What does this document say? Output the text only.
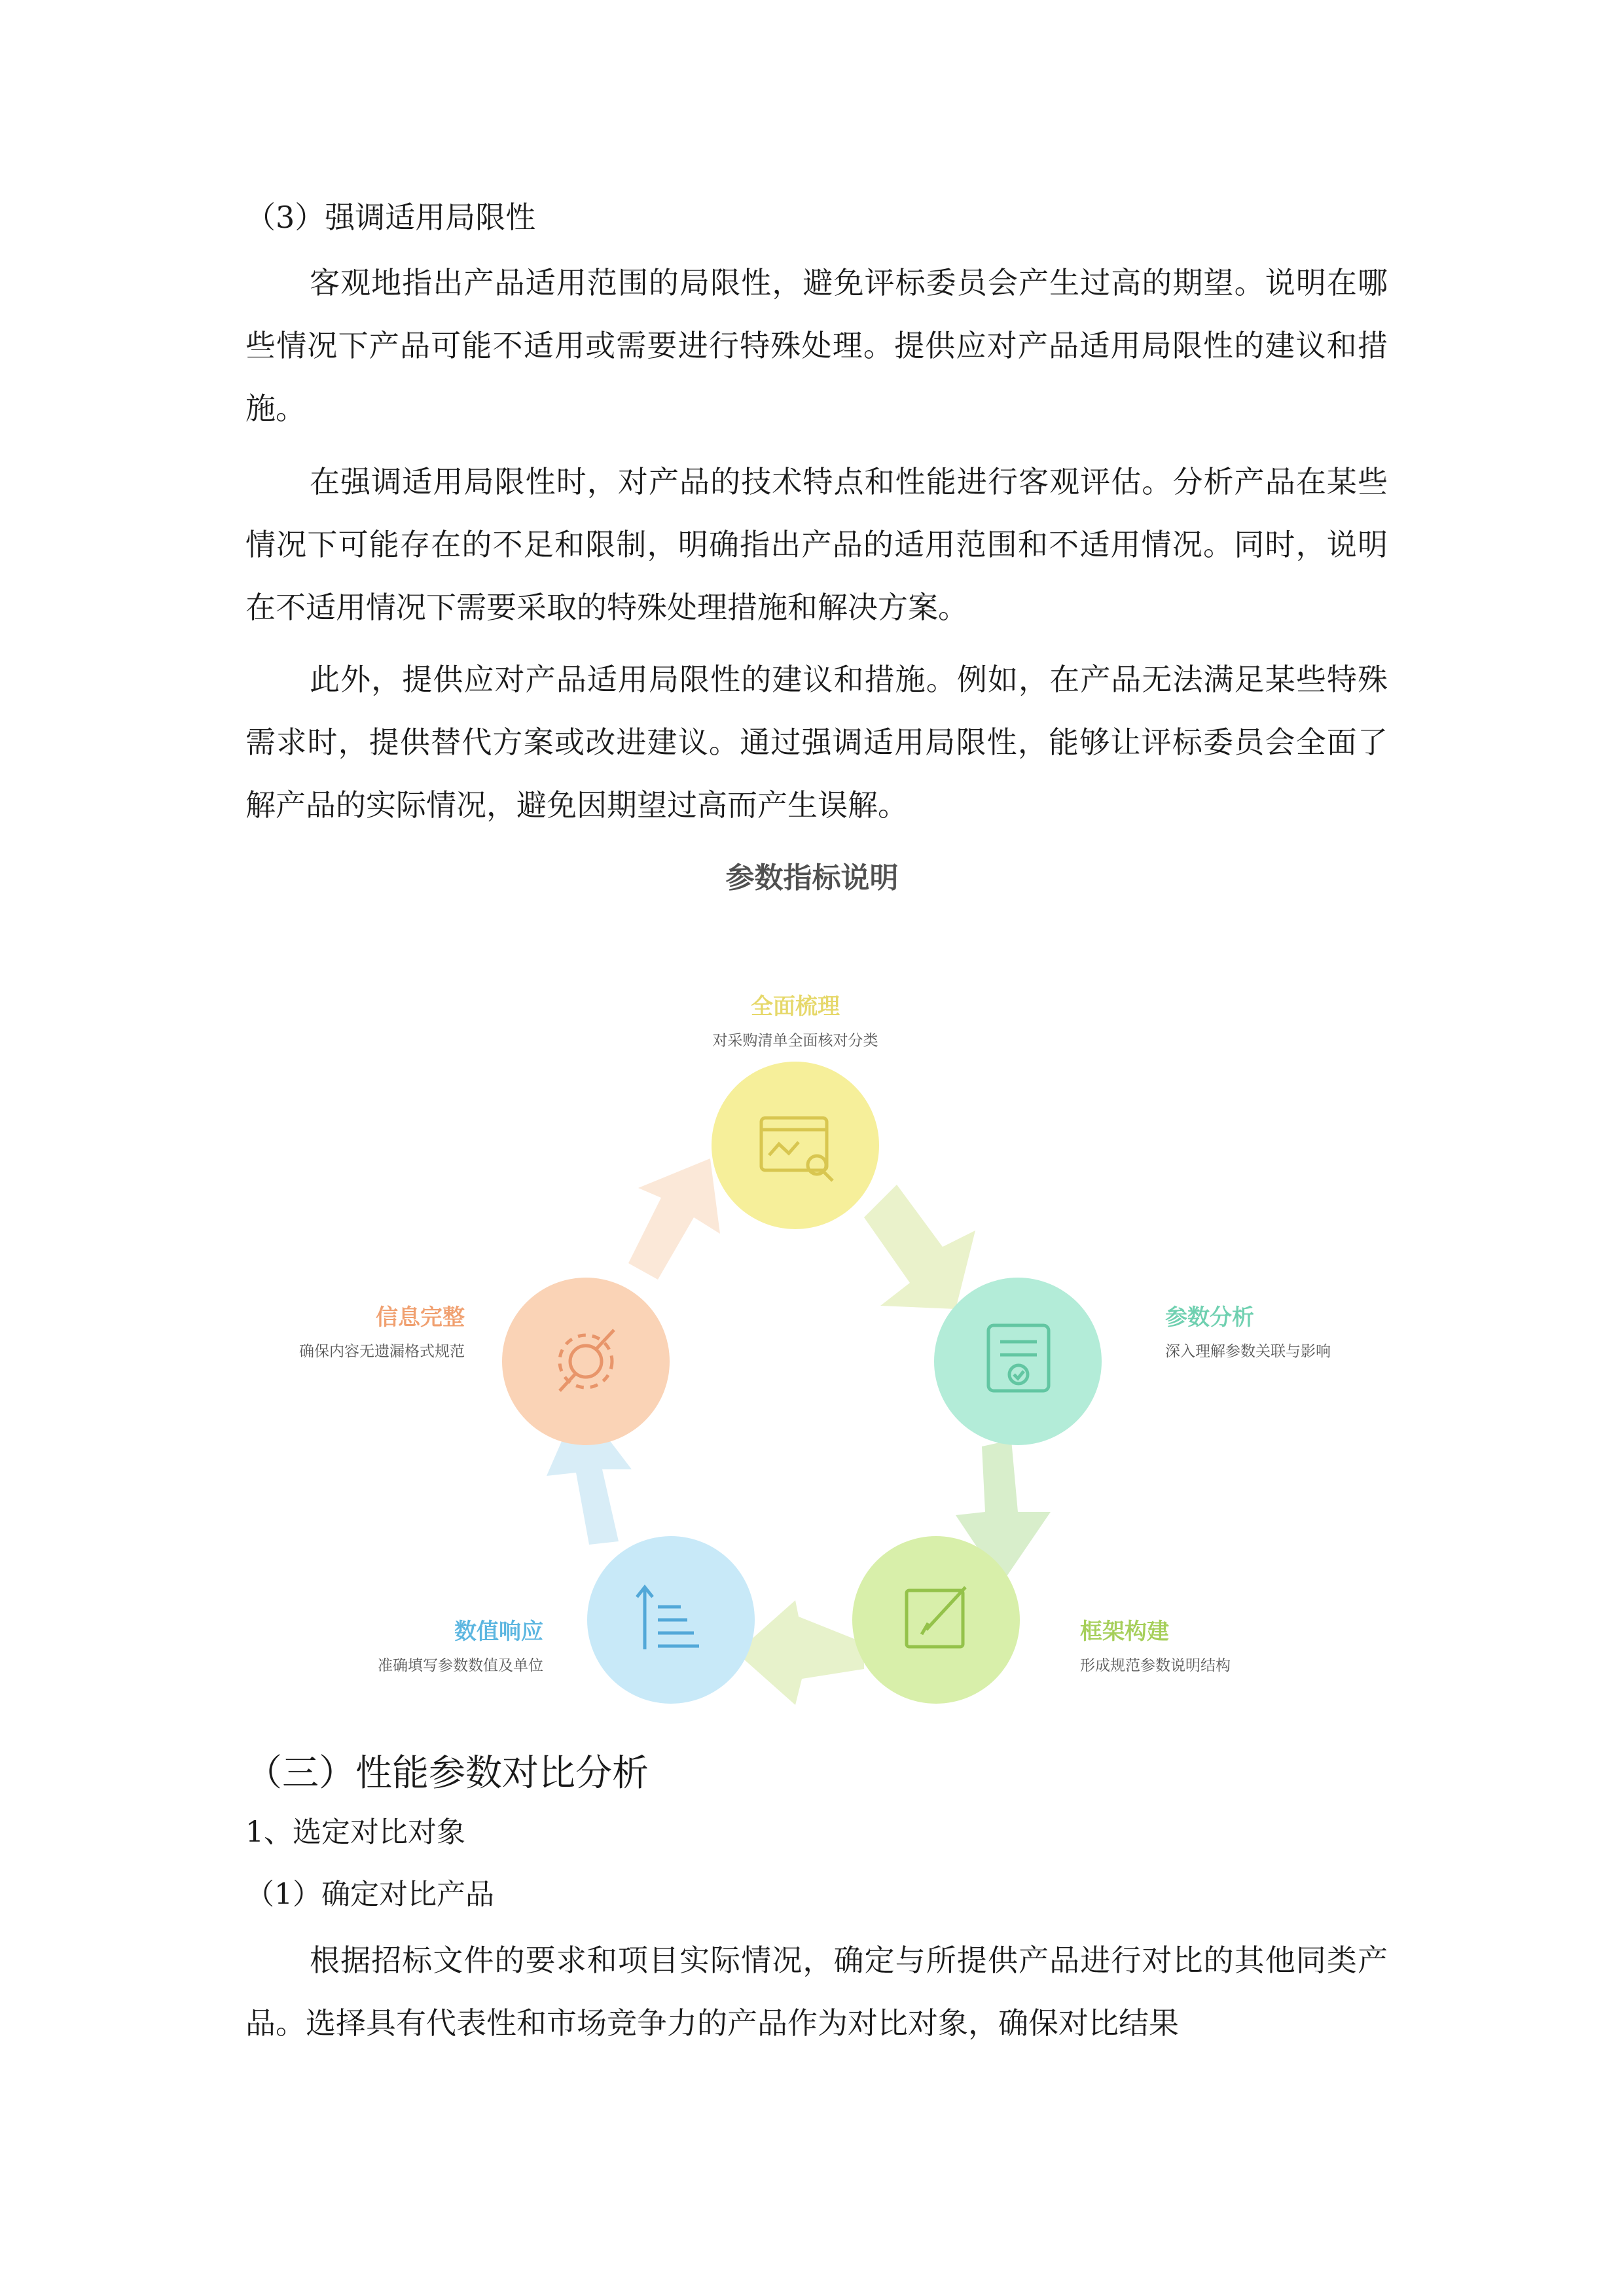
（3）强调适用局限性

客观地指出产品适用范围的局限性，避免评标委员会产生过高的期望。说明在哪些情况下产品可能不适用或需要进行特殊处理。提供应对产品适用局限性的建议和措施。

在强调适用局限性时，对产品的技术特点和性能进行客观评估。分析产品在某些情况下可能存在的不足和限制，明确指出产品的适用范围和不适用情况。同时，说明在不适用情况下需要采取的特殊处理措施和解决方案。

此外，提供应对产品适用局限性的建议和措施。例如，在产品无法满足某些特殊需求时，提供替代方案或改进建议。通过强调适用局限性，能够让评标委员会全面了解产品的实际情况，避免因期望过高而产生误解。

参数指标说明
全面梳理
对采购清单全面核对分类
参数分析
深入理解参数关联与影响
框架构建
形成规范参数说明结构
数值响应
准确填写参数数值及单位
信息完整
确保内容无遗漏格式规范
（三）性能参数对比分析
1、选定对比对象
（1）确定对比产品

根据招标文件的要求和项目实际情况，确定与所提供产品进行对比的其他同类产品。选择具有代表性和市场竞争力的产品作为对比对象，确保对比结果
